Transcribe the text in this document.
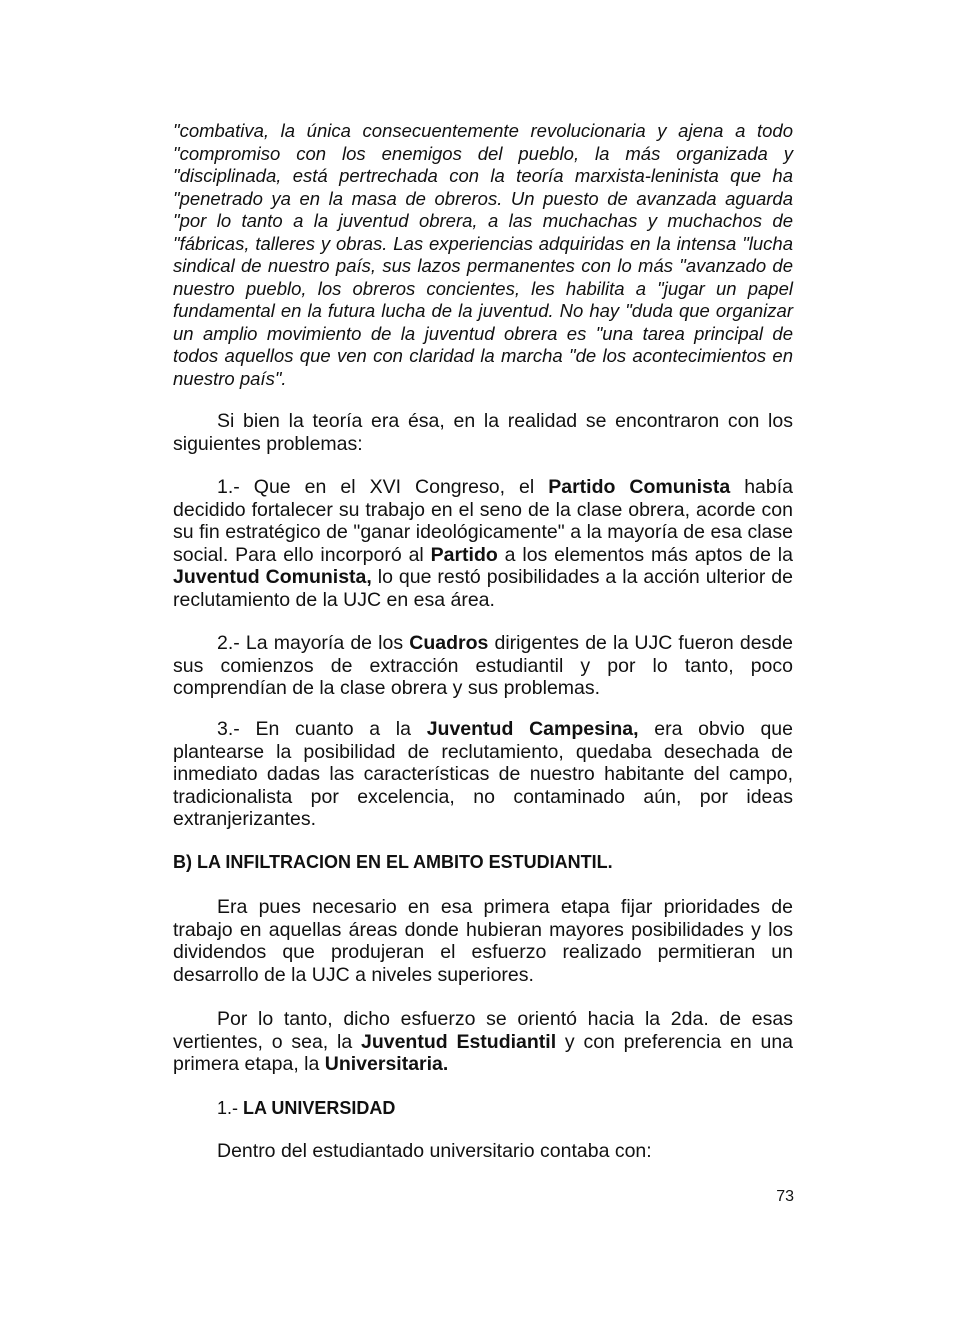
"combativa, la única consecuentemente revolucionaria y ajena a todo "compromiso con los enemigos del pueblo, la más organizada y "disciplinada, está pertrechada con la teoría marxista-leninista que ha "penetrado ya en la masa de obreros. Un puesto de avanzada aguarda "por lo tanto a la juventud obrera, a las muchachas y muchachos de "fábricas, talleres y obras. Las experiencias adquiridas en la intensa "lucha sindical de nuestro país, sus lazos permanentes con lo más "avanzado de nuestro pueblo, los obreros concientes, les habilita a "jugar un papel fundamental en la futura lucha de la juventud. No hay "duda que organizar un amplio movimiento de la juventud obrera es "una tarea principal de todos aquellos que ven con claridad la marcha "de los acontecimientos en nuestro país".

Si bien la teoría era ésa, en la realidad se encontraron con los siguientes problemas:

1.- Que en el XVI Congreso, el Partido Comunista había decidido fortalecer su trabajo en el seno de la clase obrera, acorde con su fin estratégico de "ganar ideológicamente" a la mayoría de esa clase social. Para ello incorporó al Partido a los elementos más aptos de la Juventud Comunista, lo que restó posibilidades a la acción ulterior de reclutamiento de la UJC en esa área.

2.- La mayoría de los Cuadros dirigentes de la UJC fueron desde sus comienzos de extracción estudiantil y por lo tanto, poco comprendían de la clase obrera y sus problemas.

3.- En cuanto a la Juventud Campesina, era obvio que plantearse la posibilidad de reclutamiento, quedaba desechada de inmediato dadas las características de nuestro habitante del campo, tradicionalista por excelencia, no contaminado aún, por ideas extranjerizantes.

B) LA INFILTRACION EN EL AMBITO ESTUDIANTIL.

Era pues necesario en esa primera etapa fijar prioridades de trabajo en aquellas áreas donde hubieran mayores posibilidades y los dividendos que produjeran el esfuerzo realizado permitieran un desarrollo de la UJC a niveles superiores.

Por lo tanto, dicho esfuerzo se orientó hacia la 2da. de esas vertientes, o sea, la Juventud Estudiantil y con preferencia en una primera etapa, la Universitaria.

1.- LA UNIVERSIDAD

Dentro del estudiantado universitario contaba con:

73
